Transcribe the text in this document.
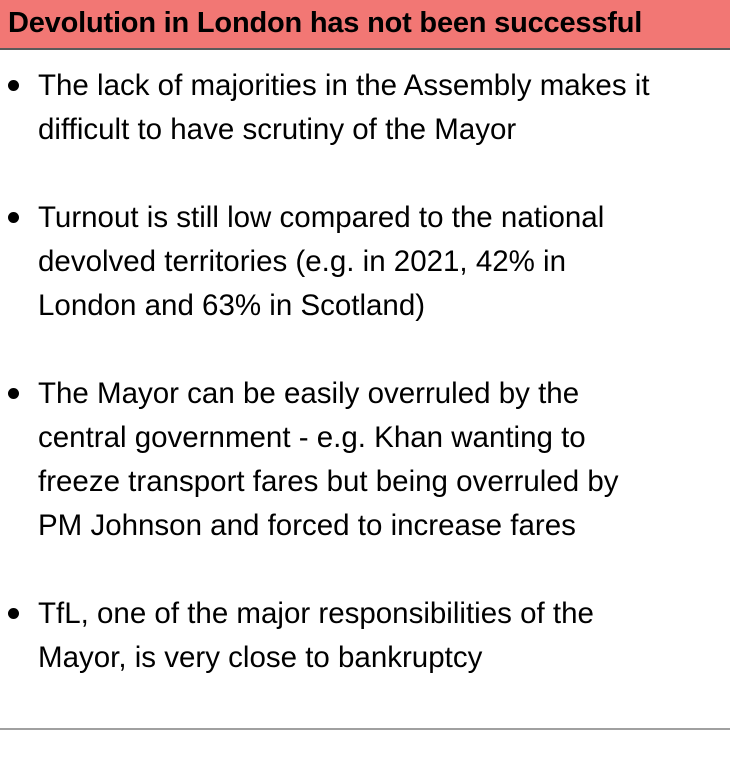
Devolution in London has not been successful
The lack of majorities in the Assembly makes it
difficult to have scrutiny of the Mayor
Turnout is still low compared to the national
devolved territories (e.g. in 2021, 42% in
London and 63% in Scotland)
The Mayor can be easily overruled by the
central government - e.g. Khan wanting to
freeze transport fares but being overruled by
PM Johnson and forced to increase fares
TfL, one of the major responsibilities of the
Mayor, is very close to bankruptcy
